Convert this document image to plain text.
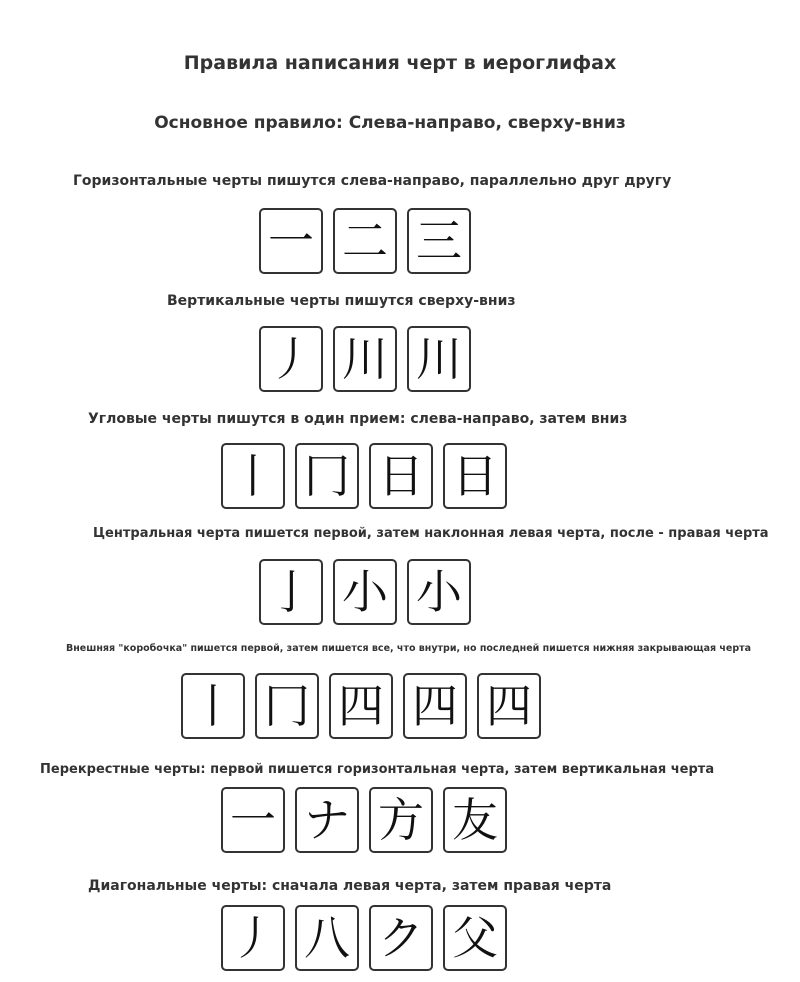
Правила написания черт в иероглифах
Основное правило: Слева-направо, сверху-вниз
Горизонтальные черты пишутся слева-направо, параллельно друг другу
一 二 三
Вертикальные черты пишутся сверху-вниз
丿 川 川
Угловые черты пишутся в один прием: слева-направо, затем вниз
丨 冂 日 日
Центральная черта пишется первой, затем наклонная левая черта, после - правая черта
亅 小 小
Внешняя "коробочка" пишется первой, затем пишется все, что внутри, но последней пишется нижняя закрывающая черта
丨 冂 四 四 四
Перекрестные черты: первой пишется горизонтальная черта, затем вертикальная черта
一 ナ 方 友
Диагональные черты: сначала левая черта, затем правая черта
丿 八 ク 父
